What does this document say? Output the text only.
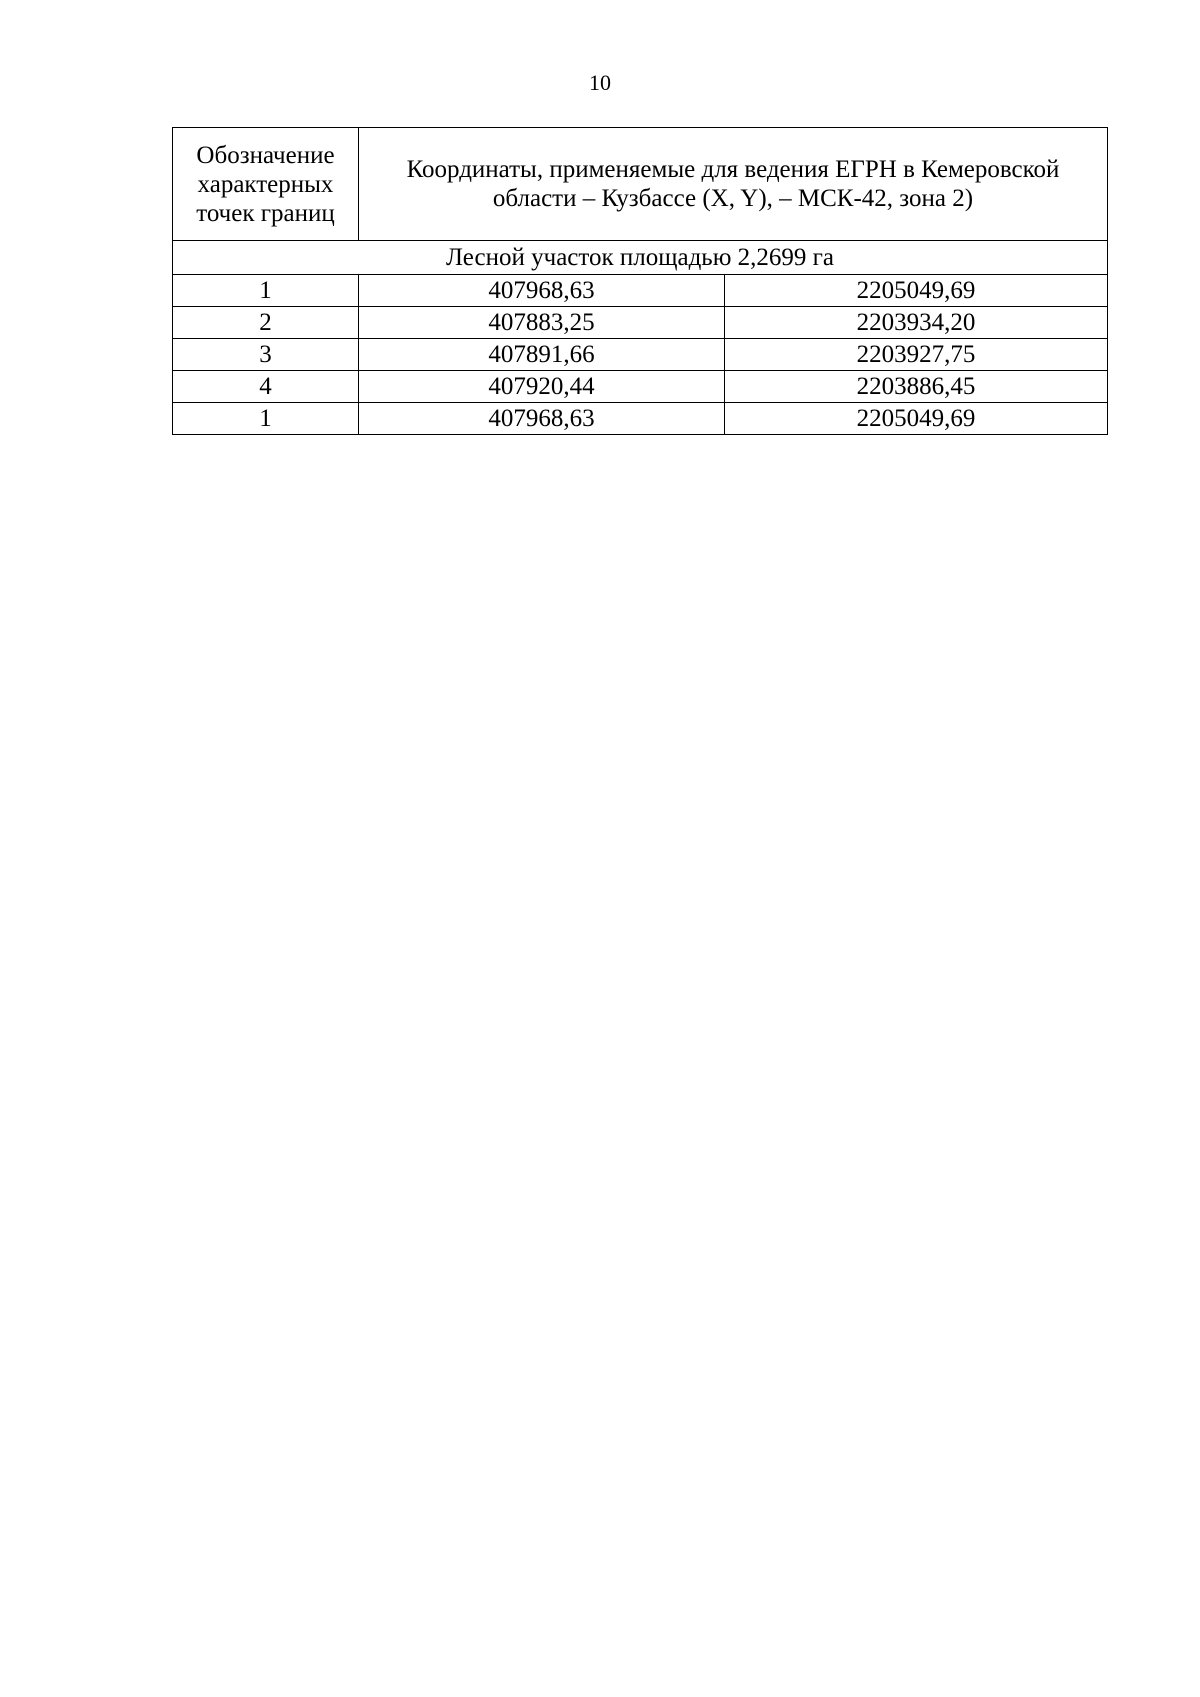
10
Обозначение характерных точек границ	Координаты, применяемые для ведения ЕГРН в Кемеровской области – Кузбассе (X, Y), – МСК-42, зона 2)	
Лесной участок площадью 2,2699 га		
1	407968,63	2205049,69
2	407883,25	2203934,20
3	407891,66	2203927,75
4	407920,44	2203886,45
1	407968,63	2205049,69
